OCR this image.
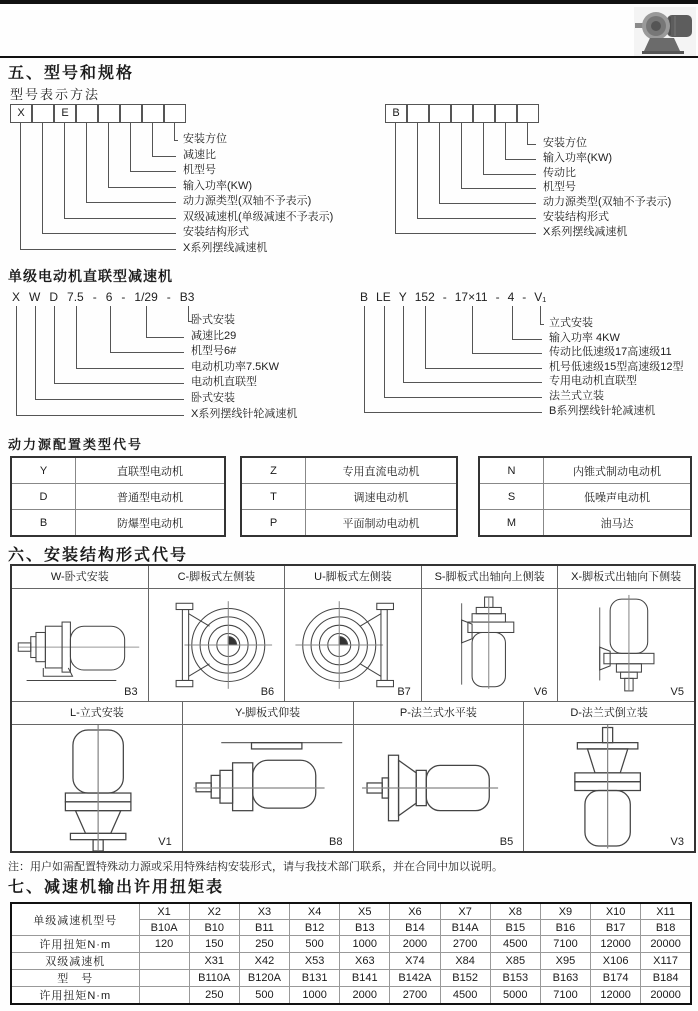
五、型号和规格
型号表示方法
X	E
安装方位
减速比
机型号
输入功率(KW)
动力源类型(双轴不予表示)
双级减速机(单级减速不予表示)
安装结构形式
X系列摆线减速机
B
安装方位
输入功率(KW)
传动比
机型号
动力源类型(双轴不予表示)
安装结构形式
X系列摆线减速机
单级电动机直联型减速机
X W D 7.5 - 6 - 1/29 - B3
卧式安装
减速比29
机型号6#
电动机功率7.5KW
电动机直联型
卧式安装
X系列摆线针轮减速机
B LE Y 152 - 17×11 - 4 - V₁
立式安装
输入功率 4KW
传动比低速级17高速级11
机号低速级15型高速级12型
专用电动机直联型
法兰式立装
B系列摆线针轮减速机
动力源配置类型代号
Y	直联型电动机
D	普通型电动机
B	防爆型电动机
Z	专用直流电动机
T	调速电动机
P	平面制动电动机
N	内锥式制动电动机
S	低噪声电动机
M	油马达
六、安装结构形式代号
W-卧式安装	C-脚板式左侧装	U-脚板式左侧装	S-脚板式出轴向上侧装	X-脚板式出轴向下侧装
B3	B6	B7	V6	V5
L-立式安装	Y-脚板式仰装	P-法兰式水平装	D-法兰式倒立装
V1	B8	B5	V3
注：用户如需配置特殊动力源或采用特殊结构安装形式，请与我技术部门联系，并在合同中加以说明。
七、减速机输出许用扭矩表
单级减速机型号	X1	X2	X3	X4	X5	X6	X7	X8	X9	X10	X11
	B10A	B10	B11	B12	B13	B14	B14A	B15	B16	B17	B18
许用扭矩N·m	120	150	250	500	1000	2000	2700	4500	7100	12000	20000
双级减速机		X31	X42	X53	X63	X74	X84	X85	X95	X106	X117
型　号		B110A	B120A	B131	B141	B142A	B152	B153	B163	B174	B184
许用扭矩N·m		250	500	1000	2000	2700	4500	5000	7100	12000	20000
